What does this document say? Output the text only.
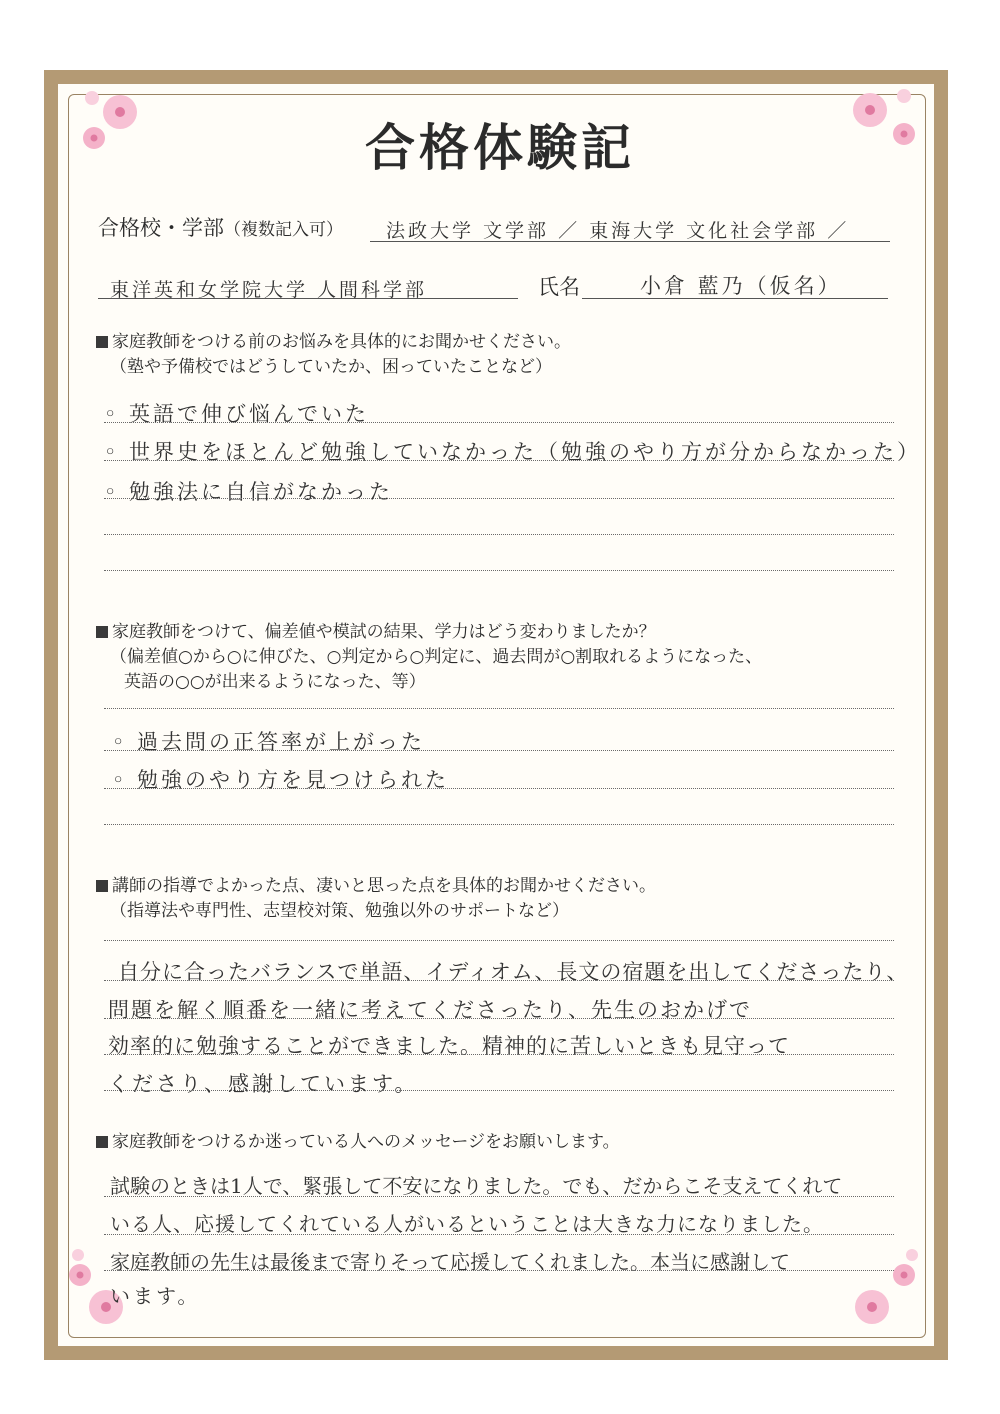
合格体験記
合格校・学部（複数記入可） 法政大学 文学部 ／ 東海大学 文化社会学部 ／
東洋英和女学院大学 人間科学部	氏名	小倉 藍乃（仮名）
家庭教師をつける前のお悩みを具体的にお聞かせください。
（塾や予備校ではどうしていたか、困っていたことなど）
◦ 英語で伸び悩んでいた
◦ 世界史をほとんど勉強していなかった（勉強のやり方が分からなかった）
◦ 勉強法に自信がなかった
家庭教師をつけて、偏差値や模試の結果、学力はどう変わりましたか？
（偏差値○から○に伸びた、○判定から○判定に、過去問が○割取れるようになった、
英語の○○が出来るようになった、等）
◦ 過去問の正答率が上がった
◦ 勉強のやり方を見つけられた
講師の指導でよかった点、凄いと思った点を具体的お聞かせください。
（指導法や専門性、志望校対策、勉強以外のサポートなど）
自分に合ったバランスで単語、イディオム、長文の宿題を出してくださったり、
問題を解く順番を一緒に考えてくださったり、先生のおかげで
効率的に勉強することができました。精神的に苦しいときも見守って
くださり、感謝しています。
家庭教師をつけるか迷っている人へのメッセージをお願いします。
試験のときは1人で、緊張して不安になりました。でも、だからこそ支えてくれて
いる人、応援してくれている人がいるということは大きな力になりました。
家庭教師の先生は最後まで寄りそって応援してくれました。本当に感謝して
います。
